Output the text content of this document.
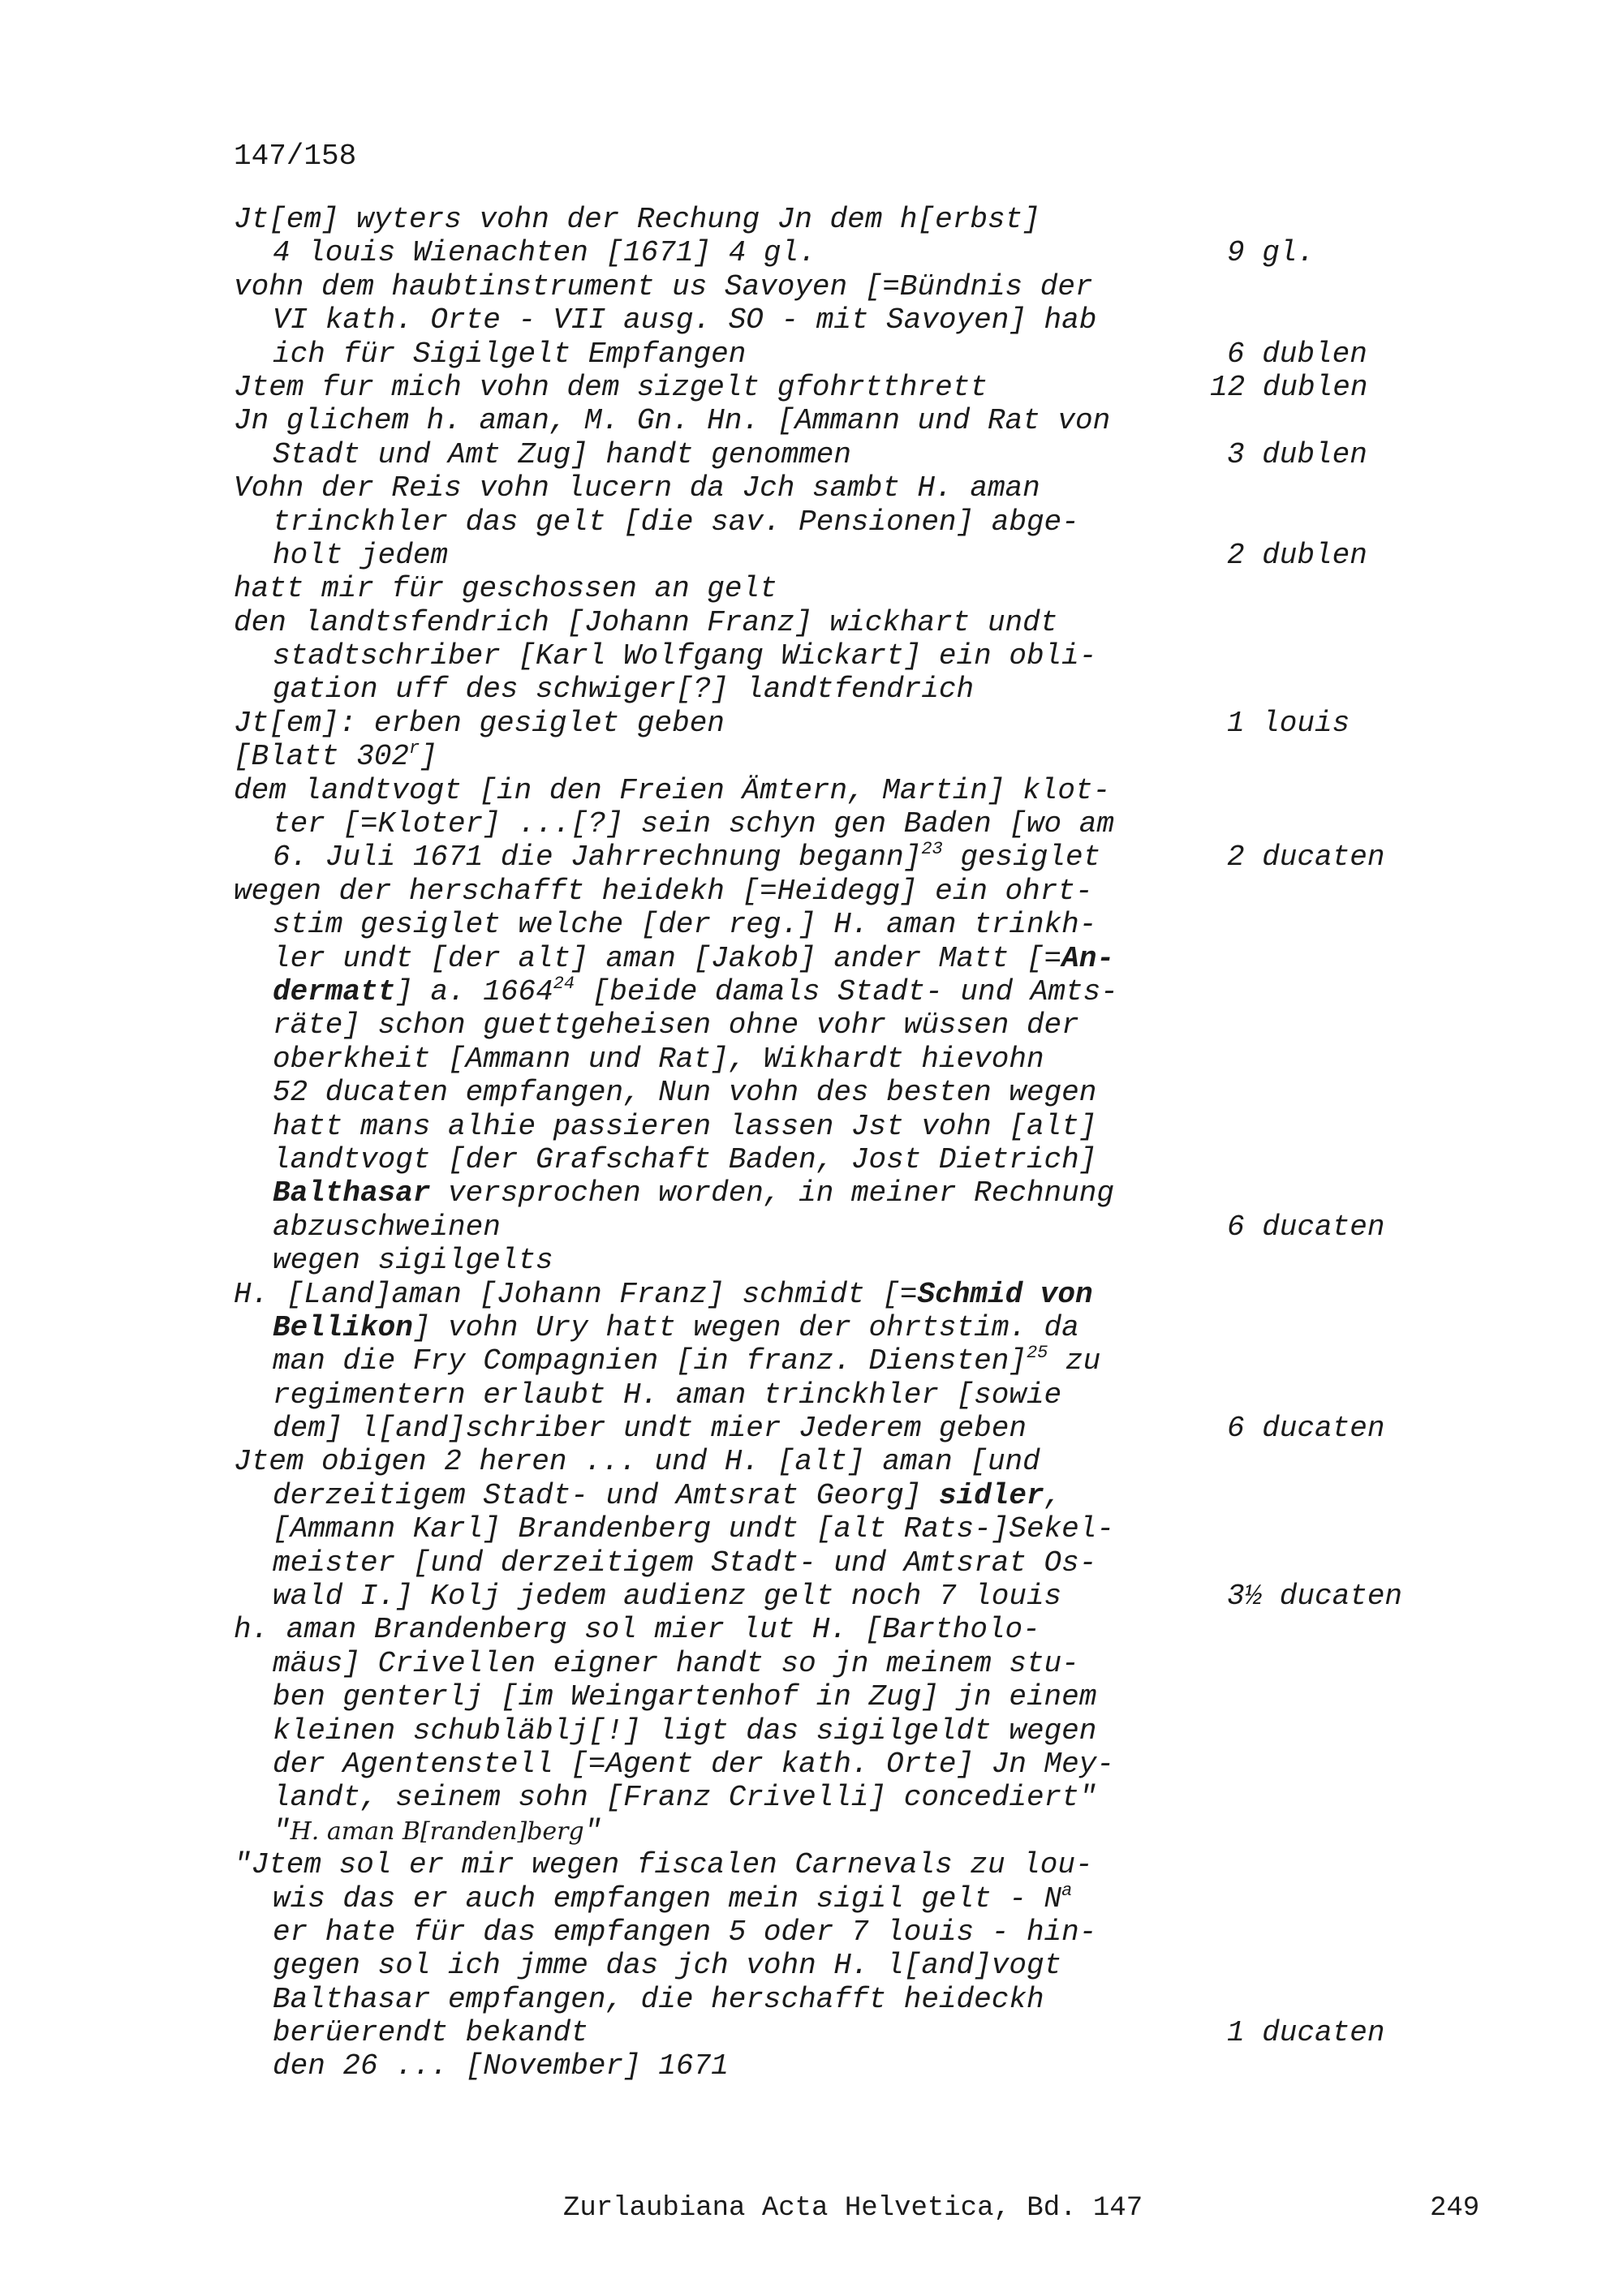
147/158
Jt[em] wyters vohn der Rechung Jn dem h[erbst]
4 louis Wienachten [1671] 4 gl.	9 gl.
vohn dem haubtinstrument us Savoyen [=Bündnis der
VI kath. Orte - VII ausg. SO - mit Savoyen] hab
ich für Sigilgelt Empfangen	6 dublen
Jtem fur mich vohn dem sizgelt gfohrtthrett	12 dublen
Jn glichem h. aman, M. Gn. Hn. [Ammann und Rat von
Stadt und Amt Zug] handt genommen	3 dublen
Vohn der Reis vohn lucern da Jch sambt H. aman
trinckhler das gelt [die sav. Pensionen] abge-
holt jedem	2 dublen
hatt mir für geschossen an gelt
den landtsfendrich [Johann Franz] wickhart undt
stadtschriber [Karl Wolfgang Wickart] ein obli-
gation uff des schwiger[?] landtfendrich
Jt[em]: erben gesiglet geben	1 louis
[Blatt 302$^r$]
dem landtvogt [in den Freien Ämtern, Martin] klot-
ter [=Kloter] ...[?] sein schyn gen Baden [wo am
6. Juli 1671 die Jahrrechnung begann]$^{23}$ gesiglet	2 ducaten
wegen der herschafft heidekh [=Heidegg] ein ohrt-
stim gesiglet welche [der reg.] H. aman trinkh-
ler undt [der alt] aman [Jakob] ander Matt [=An-
dermatt] a. 1664$^{24}$ [beide damals Stadt- und Amts-
räte] schon guettgeheisen ohne vohr wüssen der
oberkheit [Ammann und Rat], Wikhardt hievohn
52 ducaten empfangen, Nun vohn des besten wegen
hatt mans alhie passieren lassen Jst vohn [alt]
landtvogt [der Grafschaft Baden, Jost Dietrich]
Balthasar versprochen worden, in meiner Rechnung
abzuschweinen	6 ducaten
wegen sigilgelts
H. [Land]aman [Johann Franz] schmidt [=Schmid von
Bellikon] vohn Ury hatt wegen der ohrtstim. da
man die Fry Compagnien [in franz. Diensten]$^{25}$ zu
regimentern erlaubt H. aman trinckhler [sowie
dem] l[and]schriber undt mier Jederem geben	6 ducaten
Jtem obigen 2 heren ... und H. [alt] aman [und
derzeitigem Stadt- und Amtsrat Georg] sidler,
[Ammann Karl] Brandenberg undt [alt Rats-]Sekel-
meister [und derzeitigem Stadt- und Amtsrat Os-
wald I.] Kolj jedem audienz gelt noch 7 louis	3½ ducaten
h. aman Brandenberg sol mier lut H. [Bartholo-
mäus] Crivellen eigner handt so jn meinem stu-
ben genterlj [im Weingartenhof in Zug] jn einem
kleinen schubläblj[!] ligt das sigilgeldt wegen
der Agentenstell [=Agent der kath. Orte] Jn Mey-
landt, seinem sohn [Franz Crivelli] concediert"
"H. aman B[randen]berg"
"Jtem sol er mir wegen fiscalen Carnevals zu lou-
wis das er auch empfangen mein sigil gelt - $N^a$
er hate für das empfangen 5 oder 7 louis - hin-
gegen sol ich jmme das jch vohn H. l[and]vogt
Balthasar empfangen, die herschafft heideckh
berüerendt bekandt	1 ducaten
den 26 ... [November] 1671
Zurlaubiana Acta Helvetica, Bd. 147	249
